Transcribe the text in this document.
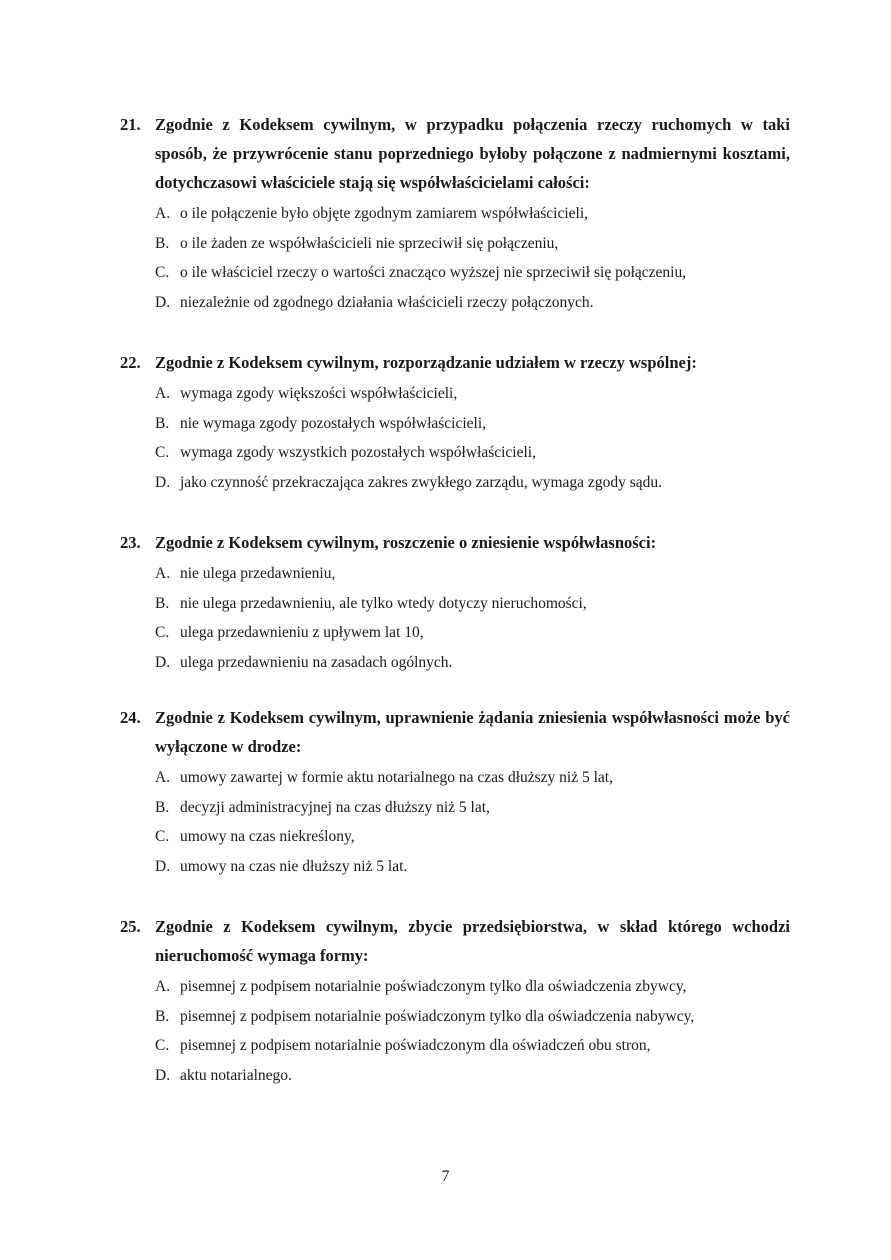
21. Zgodnie z Kodeksem cywilnym, w przypadku połączenia rzeczy ruchomych w taki sposób, że przywrócenie stanu poprzedniego byłoby połączone z nadmiernymi kosztami, dotychczasowi właściciele stają się współwłaścicielami całości:
A. o ile połączenie było objęte zgodnym zamiarem współwłaścicieli,
B. o ile żaden ze współwłaścicieli nie sprzeciwił się połączeniu,
C. o ile właściciel rzeczy o wartości znacząco wyższej nie sprzeciwił się połączeniu,
D. niezależnie od zgodnego działania właścicieli rzeczy połączonych.
22. Zgodnie z Kodeksem cywilnym, rozporządzanie udziałem w rzeczy wspólnej:
A. wymaga zgody większości współwłaścicieli,
B. nie wymaga zgody pozostałych współwłaścicieli,
C. wymaga zgody wszystkich pozostałych współwłaścicieli,
D. jako czynność przekraczająca zakres zwykłego zarządu, wymaga zgody sądu.
23. Zgodnie z Kodeksem cywilnym, roszczenie o zniesienie współwłasności:
A. nie ulega przedawnieniu,
B. nie ulega przedawnieniu, ale tylko wtedy dotyczy nieruchomości,
C. ulega przedawnieniu z upływem lat 10,
D. ulega przedawnieniu na zasadach ogólnych.
24. Zgodnie z Kodeksem cywilnym, uprawnienie żądania zniesienia współwłasności może być wyłączone w drodze:
A. umowy zawartej w formie aktu notarialnego na czas dłuższy niż 5 lat,
B. decyzji administracyjnej na czas dłuższy niż 5 lat,
C. umowy na czas niekreślony,
D. umowy na czas nie dłuższy niż 5 lat.
25. Zgodnie z Kodeksem cywilnym, zbycie przedsiębiorstwa, w skład którego wchodzi nieruchomość wymaga formy:
A. pisemnej z podpisem notarialnie poświadczonym tylko dla oświadczenia zbywcy,
B. pisemnej z podpisem notarialnie poświadczonym tylko dla oświadczenia nabywcy,
C. pisemnej z podpisem notarialnie poświadczonym dla oświadczeń obu stron,
D. aktu notarialnego.
7
